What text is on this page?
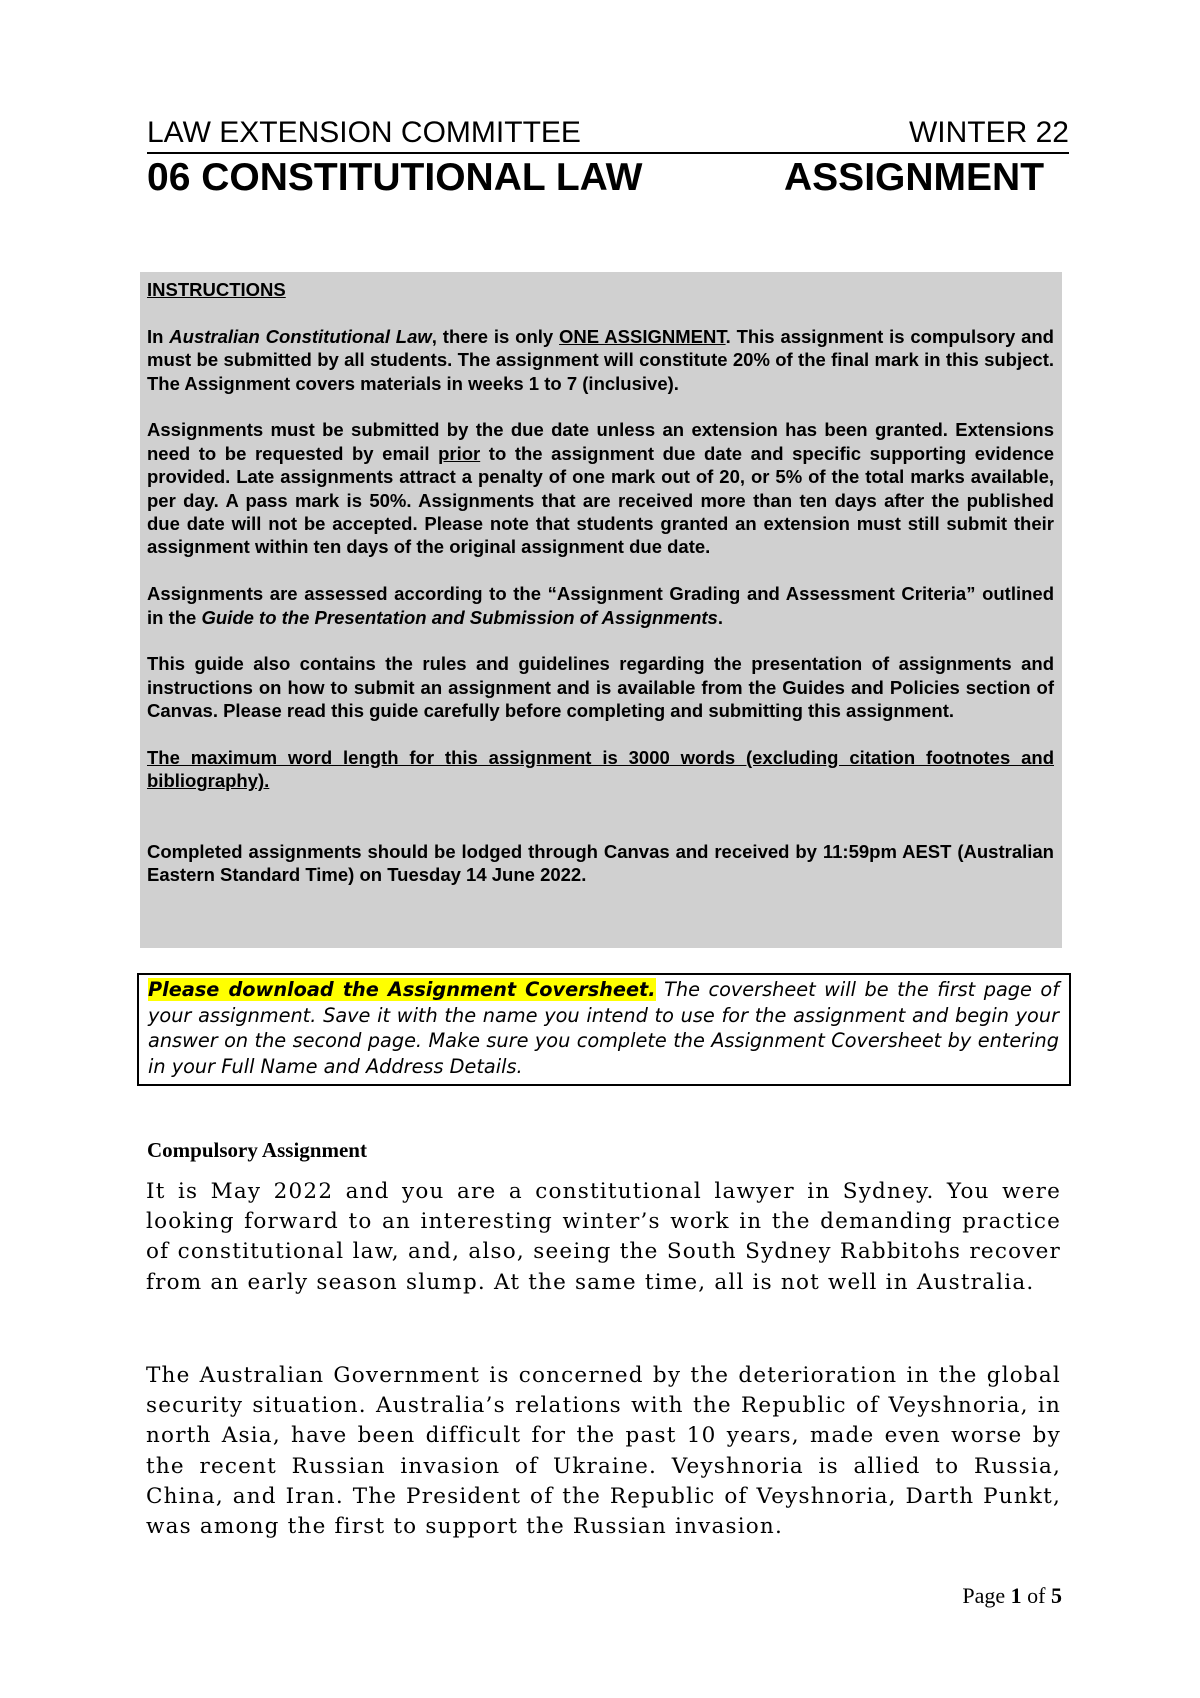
LAW EXTENSION COMMITTEE	WINTER 22
06 CONSTITUTIONAL LAW	ASSIGNMENT

INSTRUCTIONS

In Australian Constitutional Law, there is only ONE ASSIGNMENT. This assignment is compulsory and must be submitted by all students. The assignment will constitute 20% of the final mark in this subject. The Assignment covers materials in weeks 1 to 7 (inclusive).

Assignments must be submitted by the due date unless an extension has been granted. Extensions need to be requested by email prior to the assignment due date and specific supporting evidence provided. Late assignments attract a penalty of one mark out of 20, or 5% of the total marks available, per day. A pass mark is 50%. Assignments that are received more than ten days after the published due date will not be accepted. Please note that students granted an extension must still submit their assignment within ten days of the original assignment due date.

Assignments are assessed according to the “Assignment Grading and Assessment Criteria” outlined in the Guide to the Presentation and Submission of Assignments.

This guide also contains the rules and guidelines regarding the presentation of assignments and instructions on how to submit an assignment and is available from the Guides and Policies section of Canvas. Please read this guide carefully before completing and submitting this assignment.

The maximum word length for this assignment is 3000 words (excluding citation footnotes and bibliography).

Completed assignments should be lodged through Canvas and received by 11:59pm AEST (Australian Eastern Standard Time) on Tuesday 14 June 2022.

Please download the Assignment Coversheet. The coversheet will be the first page of your assignment. Save it with the name you intend to use for the assignment and begin your answer on the second page. Make sure you complete the Assignment Coversheet by entering in your Full Name and Address Details.
Compulsory Assignment

It is May 2022 and you are a constitutional lawyer in Sydney. You were looking forward to an interesting winter’s work in the demanding practice of constitutional law, and, also, seeing the South Sydney Rabbitohs recover from an early season slump. At the same time, all is not well in Australia.

The Australian Government is concerned by the deterioration in the global security situation. Australia’s relations with the Republic of Veyshnoria, in north Asia, have been difficult for the past 10 years, made even worse by the recent Russian invasion of Ukraine. Veyshnoria is allied to Russia, China, and Iran. The President of the Republic of Veyshnoria, Darth Punkt, was among the first to support the Russian invasion.

Page 1 of 5
